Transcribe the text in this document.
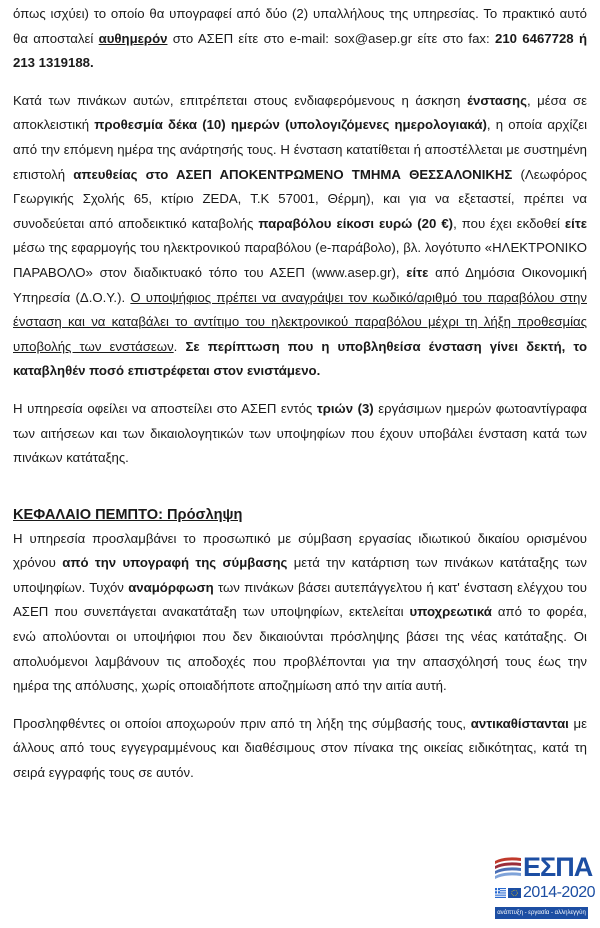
όπως ισχύει) το οποίο θα υπογραφεί από δύο (2) υπαλλήλους της υπηρεσίας. Το πρακτικό αυτό θα αποσταλεί αυθημερόν στο ΑΣΕΠ είτε στο e-mail: sox@asep.gr είτε στο fax: 210 6467728 ή 213 1319188.

Κατά των πινάκων αυτών, επιτρέπεται στους ενδιαφερόμενους η άσκηση ένστασης, μέσα σε αποκλειστική προθεσμία δέκα (10) ημερών (υπολογιζόμενες ημερολογιακά), η οποία αρχίζει από την επόμενη ημέρα της ανάρτησής τους. Η ένσταση κατατίθεται ή αποστέλλεται με συστημένη επιστολή απευθείας στο ΑΣΕΠ ΑΠΟΚΕΝΤΡΩΜΕΝΟ ΤΜΗΜΑ ΘΕΣΣΑΛΟΝΙΚΗΣ (Λεωφόρος Γεωργικής Σχολής 65, κτίριο ZEDA, Τ.Κ 57001, Θέρμη), και για να εξεταστεί, πρέπει να συνοδεύεται από αποδεικτικό καταβολής παραβόλου είκοσι ευρώ (20 €), που έχει εκδοθεί είτε μέσω της εφαρμογής του ηλεκτρονικού παραβόλου (e-παράβολο), βλ. λογότυπο «ΗΛΕΚΤΡΟΝΙΚΟ ΠΑΡΑΒΟΛΟ» στον διαδικτυακό τόπο του ΑΣΕΠ (www.asep.gr), είτε από Δημόσια Οικονομική Υπηρεσία (Δ.Ο.Υ.). Ο υποψήφιος πρέπει να αναγράψει τον κωδικό/αριθμό του παραβόλου στην ένσταση και να καταβάλει το αντίτιμο του ηλεκτρονικού παραβόλου μέχρι τη λήξη προθεσμίας υποβολής των ενστάσεων. Σε περίπτωση που η υποβληθείσα ένσταση γίνει δεκτή, το καταβληθέν ποσό επιστρέφεται στον ενιστάμενο.

Η υπηρεσία οφείλει να αποστείλει στο ΑΣΕΠ εντός τριών (3) εργάσιμων ημερών φωτοαντίγραφα των αιτήσεων και των δικαιολογητικών των υποψηφίων που έχουν υποβάλει ένσταση κατά των πινάκων κατάταξης.

ΚΕΦΑΛΑΙΟ ΠΕΜΠΤΟ: Πρόσληψη

Η υπηρεσία προσλαμβάνει το προσωπικό με σύμβαση εργασίας ιδιωτικού δικαίου ορισμένου χρόνου από την υπογραφή της σύμβασης μετά την κατάρτιση των πινάκων κατάταξης των υποψηφίων. Τυχόν αναμόρφωση των πινάκων βάσει αυτεπάγγελτου ή κατ' ένσταση ελέγχου του ΑΣΕΠ που συνεπάγεται ανακατάταξη των υποψηφίων, εκτελείται υποχρεωτικά από το φορέα, ενώ απολύονται οι υποψήφιοι που δεν δικαιούνται πρόσληψης βάσει της νέας κατάταξης. Οι απολυόμενοι λαμβάνουν τις αποδοχές που προβλέπονται για την απασχόλησή τους έως την ημέρα της απόλυσης, χωρίς οποιαδήποτε αποζημίωση από την αιτία αυτή.

Προσληφθέντες οι οποίοι αποχωρούν πριν από τη λήξη της σύμβασής τους, αντικαθίστανται με άλλους από τους εγγεγραμμένους και διαθέσιμους στον πίνακα της οικείας ειδικότητας, κατά τη σειρά εγγραφής τους σε αυτόν.

ΕΣΠΑ
2014-2020
ανάπτυξη - εργασία - αλληλεγγύη
